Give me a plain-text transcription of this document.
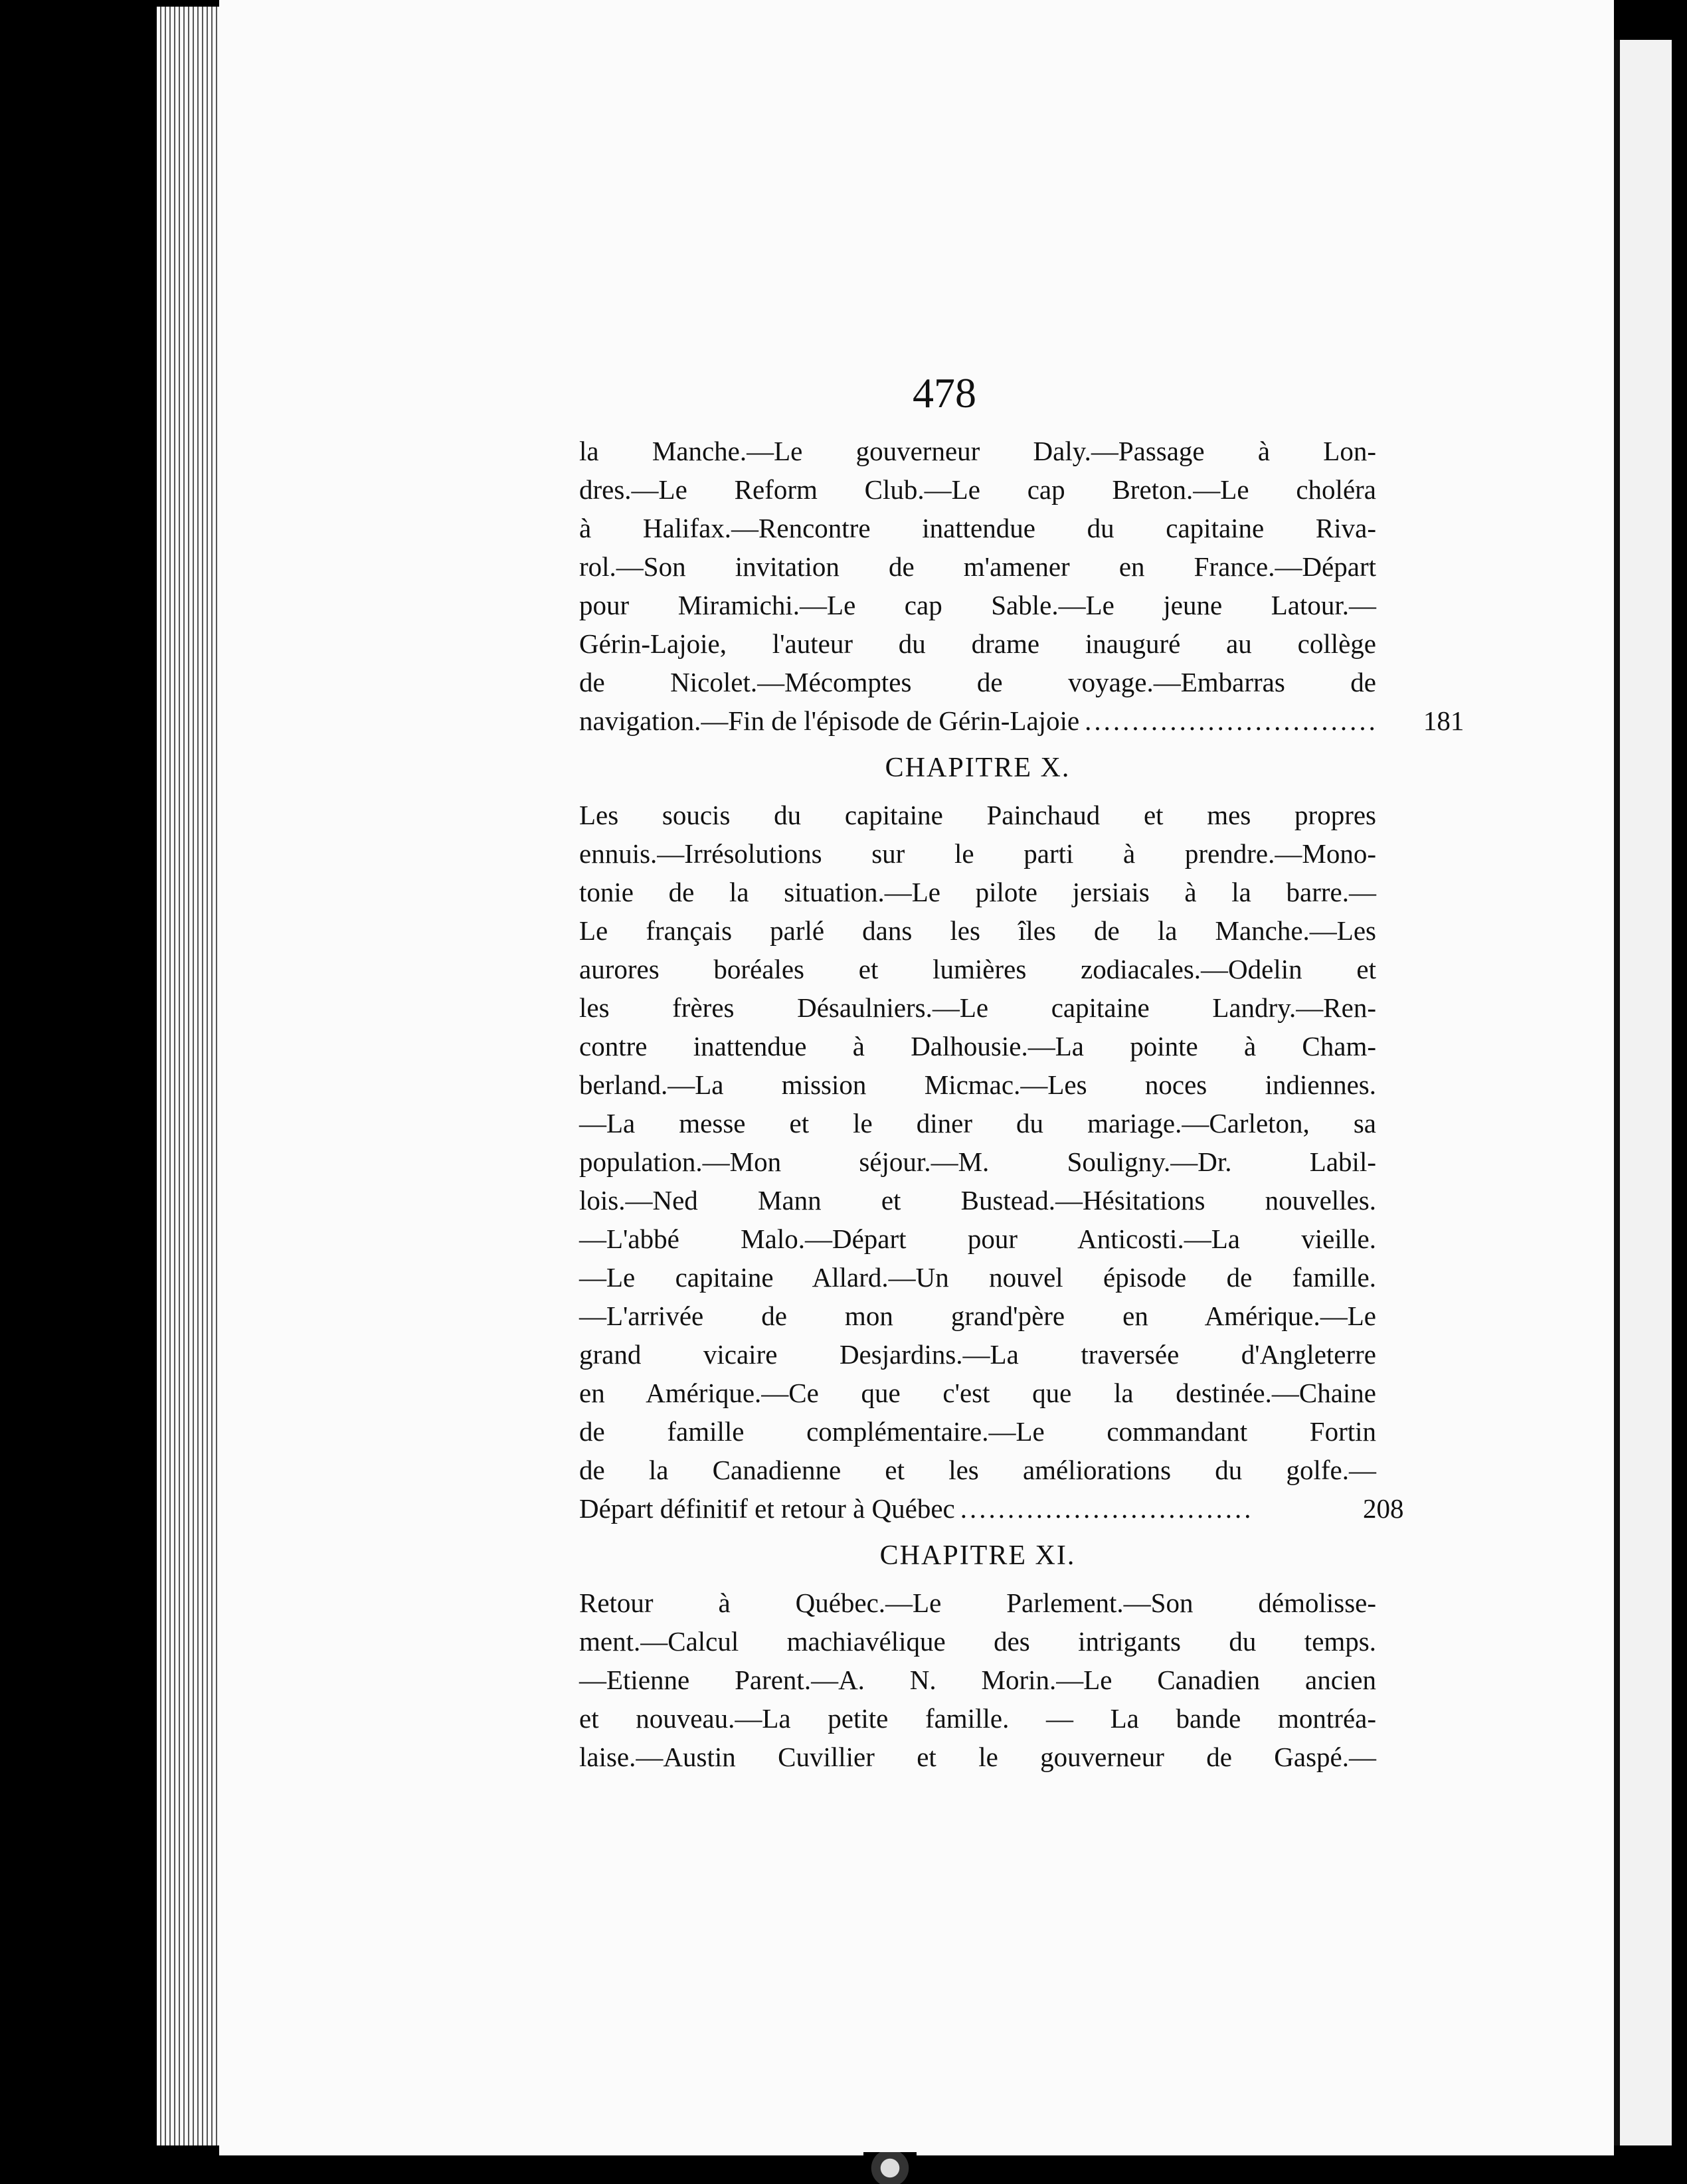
478
la Manche.—Le gouverneur Daly.—Passage à Lon-
dres.—Le Reform Club.—Le cap Breton.—Le choléra
à Halifax.—Rencontre inattendue du capitaine Riva-
rol.—Son invitation de m'amener en France.—Départ
pour Miramichi.—Le cap Sable.—Le jeune Latour.—
Gérin-Lajoie, l'auteur du drame inauguré au collège
de Nicolet.—Mécomptes de voyage.—Embarras de
navigation.—Fin de l'épisode de Gérin-Lajoie ............................... 181
CHAPITRE X.
Les soucis du capitaine Painchaud et mes propres
ennuis.—Irrésolutions sur le parti à prendre.—Mono-
tonie de la situation.—Le pilote jersiais à la barre.—
Le français parlé dans les îles de la Manche.—Les
aurores boréales et lumières zodiacales.—Odelin et
les frères Désaulniers.—Le capitaine Landry.—Ren-
contre inattendue à Dalhousie.—La pointe à Cham-
berland.—La mission Micmac.—Les noces indiennes.
—La messe et le diner du mariage.—Carleton, sa
population.—Mon séjour.—M. Souligny.—Dr. Labil-
lois.—Ned Mann et Bustead.—Hésitations nouvelles.
—L'abbé Malo.—Départ pour Anticosti.—La vieille.
—Le capitaine Allard.—Un nouvel épisode de famille.
—L'arrivée de mon grand'père en Amérique.—Le
grand vicaire Desjardins.—La traversée d'Angleterre
en Amérique.—Ce que c'est que la destinée.—Chaine
de famille complémentaire.—Le commandant Fortin
de la Canadienne et les améliorations du golfe.—
Départ définitif et retour à Québec ...............................	208
CHAPITRE XI.
Retour à Québec.—Le Parlement.—Son démolisse-
ment.—Calcul machiavélique des intrigants du temps.
—Etienne Parent.—A. N. Morin.—Le Canadien ancien
et nouveau.—La petite famille. — La bande montréa-
laise.—Austin Cuvillier et le gouverneur de Gaspé.—
